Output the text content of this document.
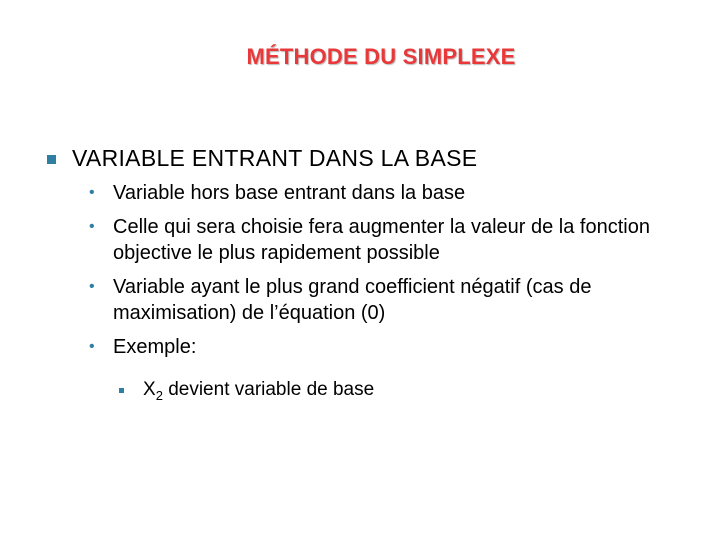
MÉTHODE DU SIMPLEXE
VARIABLE ENTRANT DANS LA BASE
• Variable hors base entrant dans la base
• Celle qui sera choisie fera augmenter la valeur de la fonction objective le plus rapidement possible
• Variable ayant le plus grand coefficient négatif (cas de maximisation) de l’équation (0)
• Exemple:
$X_2$ devient variable de base
